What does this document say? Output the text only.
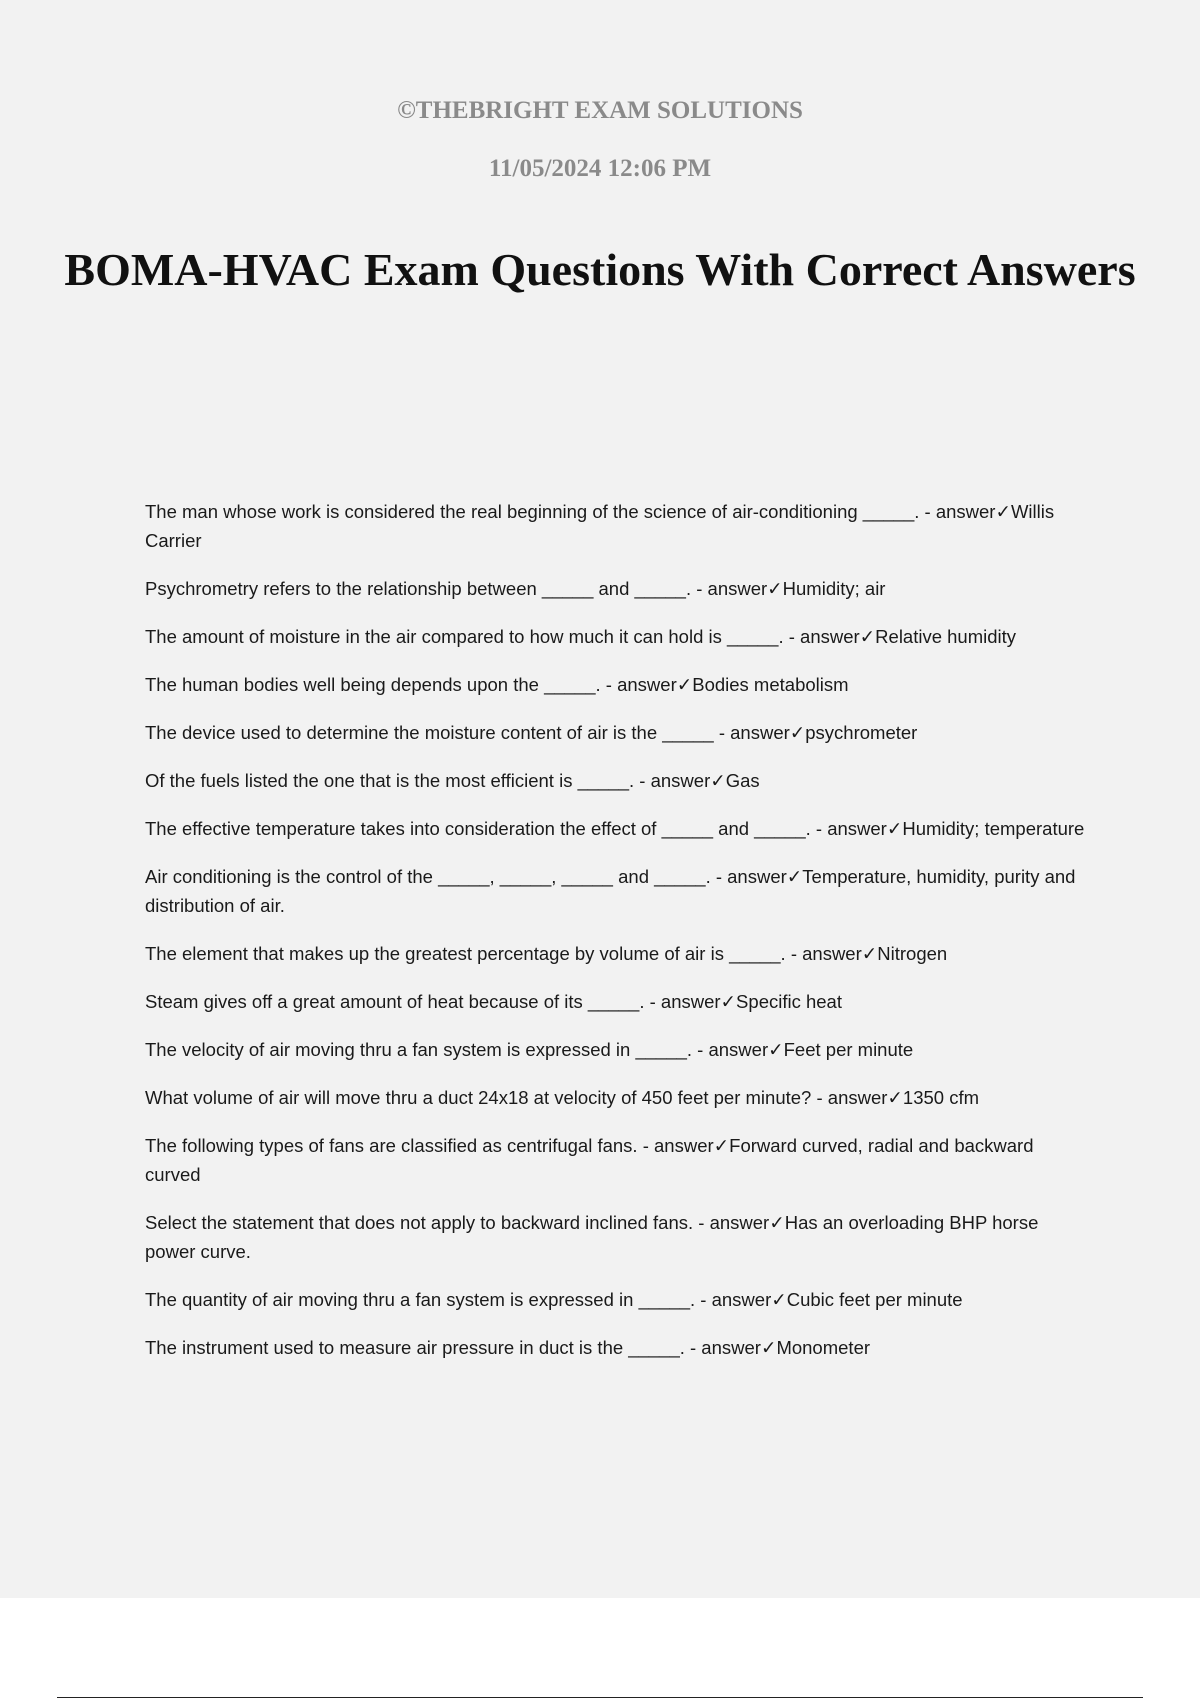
©THEBRIGHT EXAM SOLUTIONS

11/05/2024 12:06 PM

BOMA-HVAC Exam Questions With Correct Answers
The man whose work is considered the real beginning of the science of air-conditioning _____. - answer✓Willis Carrier
Psychrometry refers to the relationship between _____ and _____. - answer✓Humidity; air
The amount of moisture in the air compared to how much it can hold is _____. - answer✓Relative humidity
The human bodies well being depends upon the _____. - answer✓Bodies metabolism
The device used to determine the moisture content of air is the _____ - answer✓psychrometer
Of the fuels listed the one that is the most efficient is _____. - answer✓Gas
The effective temperature takes into consideration the effect of _____ and _____. - answer✓Humidity; temperature
Air conditioning is the control of the _____, _____, _____ and _____. - answer✓Temperature, humidity, purity and distribution of air.
The element that makes up the greatest percentage by volume of air is _____. - answer✓Nitrogen
Steam gives off a great amount of heat because of its _____. - answer✓Specific heat
The velocity of air moving thru a fan system is expressed in _____. - answer✓Feet per minute
What volume of air will move thru a duct 24x18 at velocity of 450 feet per minute? - answer✓1350 cfm
The following types of fans are classified as centrifugal fans. - answer✓Forward curved, radial and backward curved
Select the statement that does not apply to backward inclined fans. - answer✓Has an overloading BHP horse power curve.
The quantity of air moving thru a fan system is expressed in _____. - answer✓Cubic feet per minute
The instrument used to measure air pressure in duct is the _____. - answer✓Monometer
